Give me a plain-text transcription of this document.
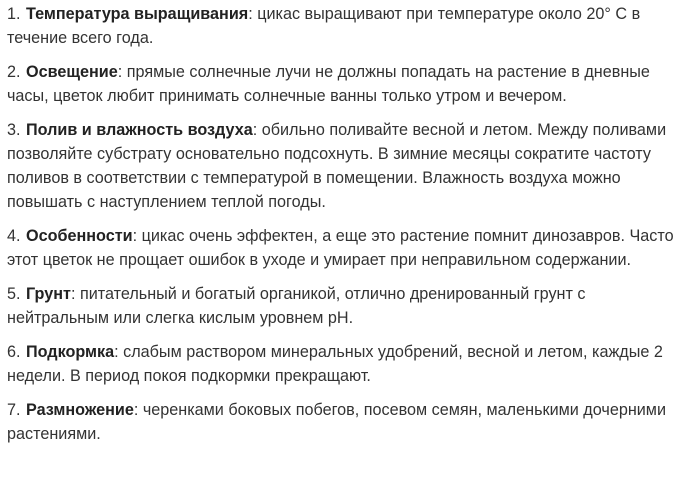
1. Температура выращивания: цикас выращивают при температуре около 20° С в течение всего года.
2. Освещение: прямые солнечные лучи не должны попадать на растение в дневные часы, цветок любит принимать солнечные ванны только утром и вечером.
3. Полив и влажность воздуха: обильно поливайте весной и летом. Между поливами позволяйте субстрату основательно подсохнуть. В зимние месяцы сократите частоту поливов в соответствии с температурой в помещении. Влажность воздуха можно повышать с наступлением теплой погоды.
4. Особенности: цикас очень эффектен, а еще это растение помнит динозавров. Часто этот цветок не прощает ошибок в уходе и умирает при неправильном содержании.
5. Грунт: питательный и богатый органикой, отлично дренированный грунт с нейтральным или слегка кислым уровнем pH.
6. Подкормка: слабым раствором минеральных удобрений, весной и летом, каждые 2 недели. В период покоя подкормки прекращают.
7. Размножение: черенками боковых побегов, посевом семян, маленькими дочерними растениями.
